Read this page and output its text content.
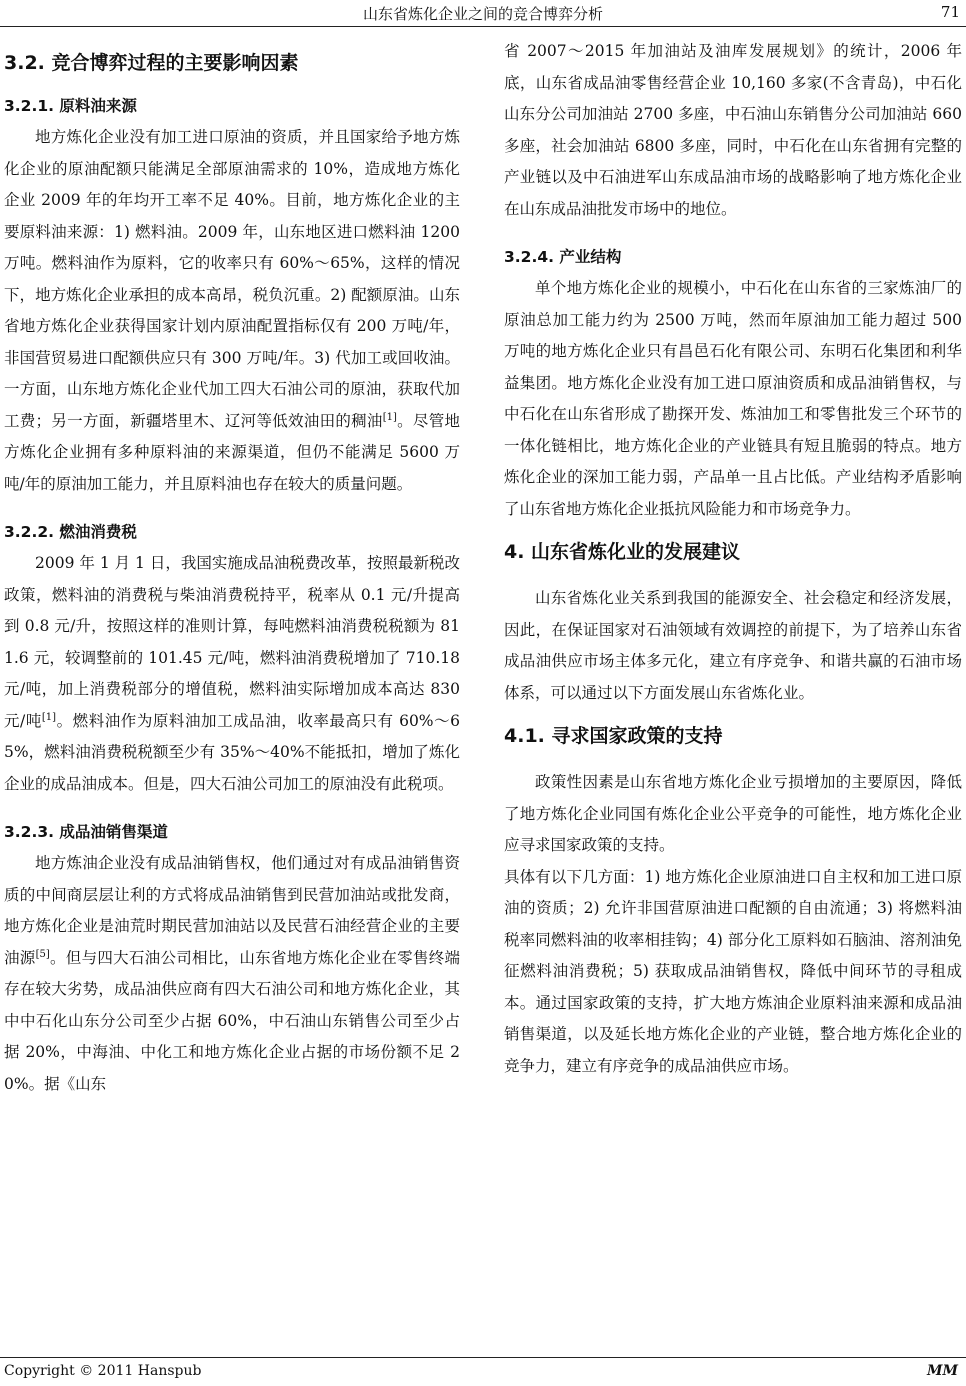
山东省炼化企业之间的竞合博弈分析	71
3.2. 竞合博弈过程的主要影响因素
3.2.1. 原料油来源

地方炼化企业没有加工进口原油的资质，并且国家给予地方炼化企业的原油配额只能满足全部原油需求的 10%，造成地方炼化企业 2009 年的年均开工率不足 40%。目前，地方炼化企业的主要原料油来源：1) 燃料油。2009 年，山东地区进口燃料油 1200 万吨。燃料油作为原料，它的收率只有 60%～65%，这样的情况下，地方炼化企业承担的成本高昂，税负沉重。2) 配额原油。山东省地方炼化企业获得国家计划内原油配置指标仅有 200 万吨/年，非国营贸易进口配额供应只有 300 万吨/年。3) 代加工或回收油。一方面，山东地方炼化企业代加工四大石油公司的原油，获取代加工费；另一方面，新疆塔里木、辽河等低效油田的稠油[1]。尽管地方炼化企业拥有多种原料油的来源渠道，但仍不能满足 5600 万吨/年的原油加工能力，并且原料油也存在较大的质量问题。

3.2.2. 燃油消费税

2009 年 1 月 1 日，我国实施成品油税费改革，按照最新税改政策，燃料油的消费税与柴油消费税持平，税率从 0.1 元/升提高到 0.8 元/升，按照这样的准则计算，每吨燃料油消费税税额为 811.6 元，较调整前的 101.45 元/吨，燃料油消费税增加了 710.18 元/吨，加上消费税部分的增值税，燃料油实际增加成本高达 830 元/吨[1]。燃料油作为原料油加工成品油，收率最高只有 60%～65%，燃料油消费税税额至少有 35%～40%不能抵扣，增加了炼化企业的成品油成本。但是，四大石油公司加工的原油没有此税项。

3.2.3. 成品油销售渠道

地方炼油企业没有成品油销售权，他们通过对有成品油销售资质的中间商层层让利的方式将成品油销售到民营加油站或批发商，地方炼化企业是油荒时期民营加油站以及民营石油经营企业的主要油源[5]。但与四大石油公司相比，山东省地方炼化企业在零售终端存在较大劣势，成品油供应商有四大石油公司和地方炼化企业，其中中石化山东分公司至少占据 60%，中石油山东销售公司至少占据 20%，中海油、中化工和地方炼化企业占据的市场份额不足 20%。据《山东

省 2007～2015 年加油站及油库发展规划》的统计，2006 年底，山东省成品油零售经营企业 10,160 多家(不含青岛)，中石化山东分公司加油站 2700 多座，中石油山东销售分公司加油站 660 多座，社会加油站 6800 多座，同时，中石化在山东省拥有完整的产业链以及中石油进军山东成品油市场的战略影响了地方炼化企业在山东成品油批发市场中的地位。

3.2.4. 产业结构

单个地方炼化企业的规模小，中石化在山东省的三家炼油厂的原油总加工能力约为 2500 万吨，然而年原油加工能力超过 500 万吨的地方炼化企业只有昌邑石化有限公司、东明石化集团和利华益集团。地方炼化企业没有加工进口原油资质和成品油销售权，与中石化在山东省形成了勘探开发、炼油加工和零售批发三个环节的一体化链相比，地方炼化企业的产业链具有短且脆弱的特点。地方炼化企业的深加工能力弱，产品单一且占比低。产业结构矛盾影响了山东省地方炼化企业抵抗风险能力和市场竞争力。

4. 山东省炼化业的发展建议

山东省炼化业关系到我国的能源安全、社会稳定和经济发展，因此，在保证国家对石油领域有效调控的前提下，为了培养山东省成品油供应市场主体多元化，建立有序竞争、和谐共赢的石油市场体系，可以通过以下方面发展山东省炼化业。

4.1. 寻求国家政策的支持

政策性因素是山东省地方炼化企业亏损增加的主要原因，降低了地方炼化企业同国有炼化企业公平竞争的可能性，地方炼化企业应寻求国家政策的支持。

具体有以下几方面：1) 地方炼化企业原油进口自主权和加工进口原油的资质；2) 允许非国营原油进口配额的自由流通；3) 将燃料油税率同燃料油的收率相挂钩；4) 部分化工原料如石脑油、溶剂油免征燃料油消费税；5) 获取成品油销售权，降低中间环节的寻租成本。通过国家政策的支持，扩大地方炼油企业原料油来源和成品油销售渠道，以及延长地方炼化企业的产业链，整合地方炼化企业的竞争力，建立有序竞争的成品油供应市场。

Copyright © 2011 Hanspub	MM
